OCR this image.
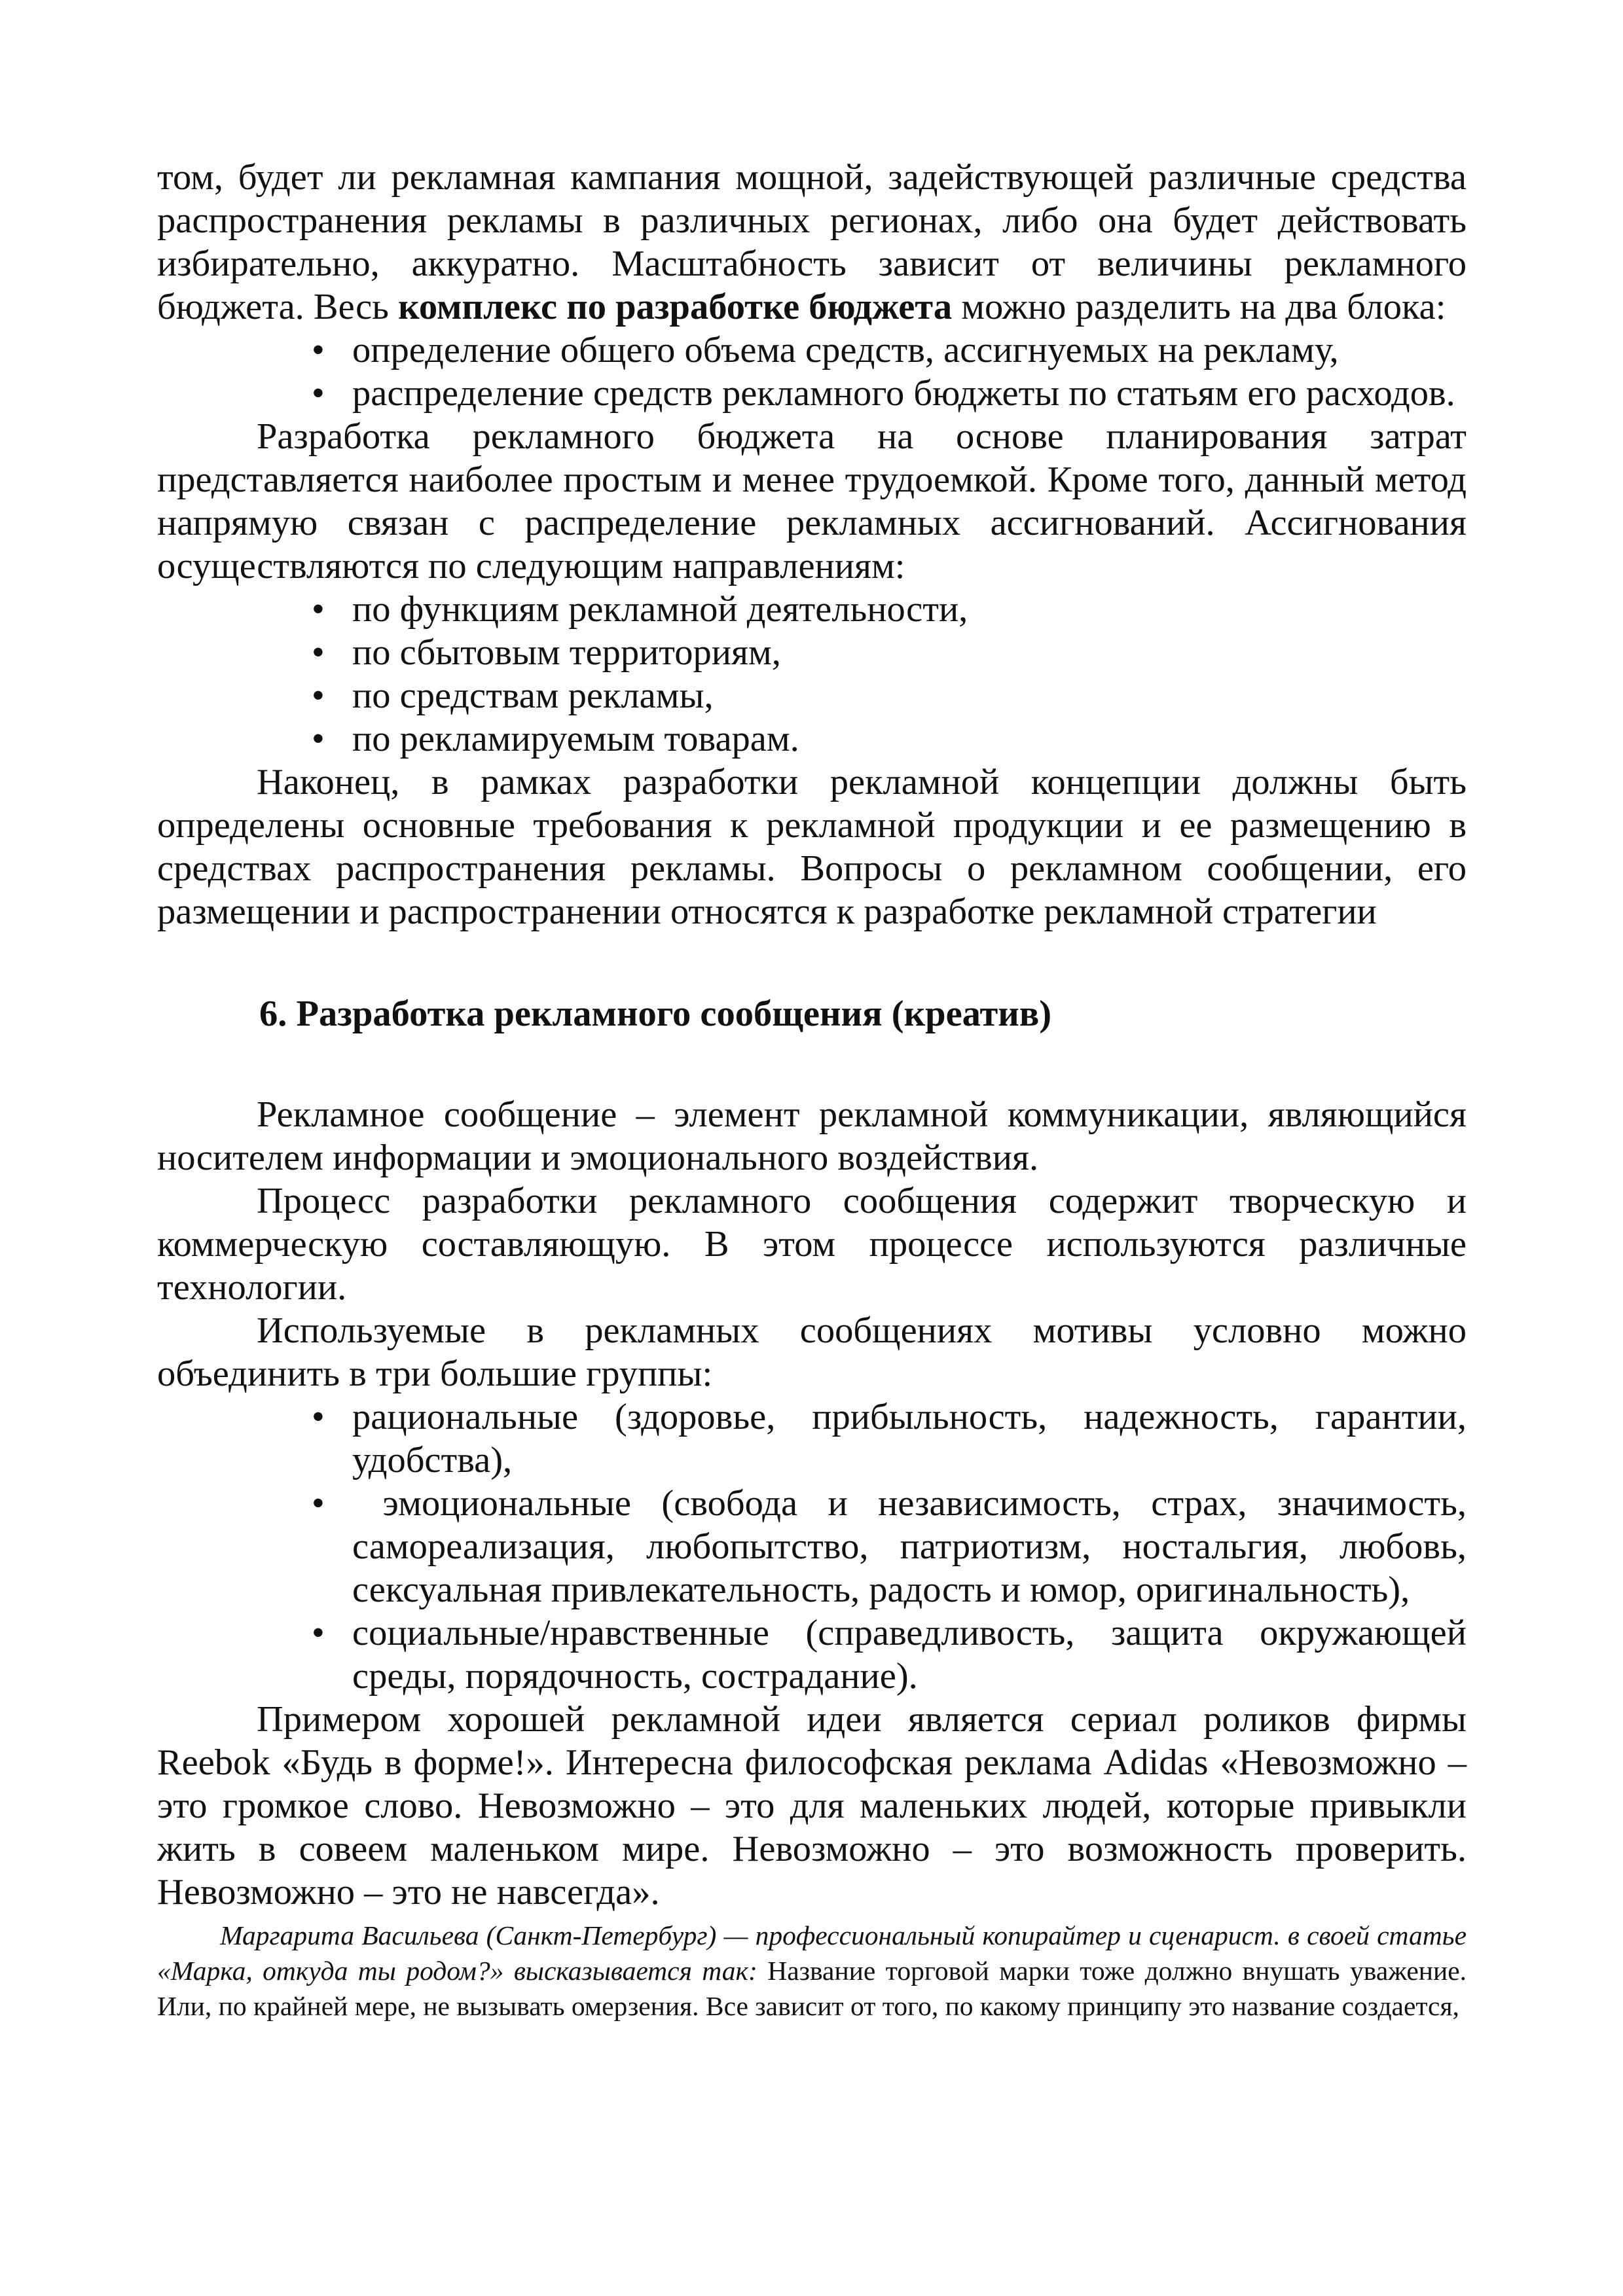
том, будет ли рекламная кампания мощной, задействующей различные средства распространения рекламы в различных регионах, либо она будет действовать избирательно, аккуратно. Масштабность зависит от величины рекламного бюджета. Весь комплекс по разработке бюджета можно разделить на два блока:

• определение общего объема средств, ассигнуемых на рекламу,
• распределение средств рекламного бюджеты по статьям его расходов.

Разработка рекламного бюджета на основе планирования затрат представляется наиболее простым и менее трудоемкой. Кроме того, данный метод напрямую связан с распределение рекламных ассигнований. Ассигнования осуществляются по следующим направлениям:

• по функциям рекламной деятельности,
• по сбытовым территориям,
• по средствам рекламы,
• по рекламируемым товарам.

Наконец, в рамках разработки рекламной концепции должны быть определены основные требования к рекламной продукции и ее размещению в средствах распространения рекламы. Вопросы о рекламном сообщении, его размещении и распространении относятся к разработке рекламной стратегии

6. Разработка рекламного сообщения (креатив)

Рекламное сообщение – элемент рекламной коммуникации, являющийся носителем информации и эмоционального воздействия.

Процесс разработки рекламного сообщения содержит творческую и коммерческую составляющую. В этом процессе используются различные технологии.

Используемые в рекламных сообщениях мотивы условно можно объединить в три большие группы:

• рациональные (здоровье, прибыльность, надежность, гарантии, удобства),
• эмоциональные (свобода и независимость, страх, значимость, самореализация, любопытство, патриотизм, ностальгия, любовь, сексуальная привлекательность, радость и юмор, оригинальность),
• социальные/нравственные (справедливость, защита окружающей среды, порядочность, сострадание).

Примером хорошей рекламной идеи является сериал роликов фирмы Reebok «Будь в форме!». Интересна философская реклама Adidas «Невозможно – это громкое слово. Невозможно – это для маленьких людей, которые привыкли жить в совеем маленьком мире. Невозможно – это возможность проверить. Невозможно – это не навсегда».

Маргарита Васильева (Санкт-Петербург) — профессиональный копирайтер и сценарист. в своей статье «Марка, откуда ты родом?» высказывается так: Название торговой марки тоже должно внушать уважение. Или, по крайней мере, не вызывать омерзения. Все зависит от того, по какому принципу это название создается,
